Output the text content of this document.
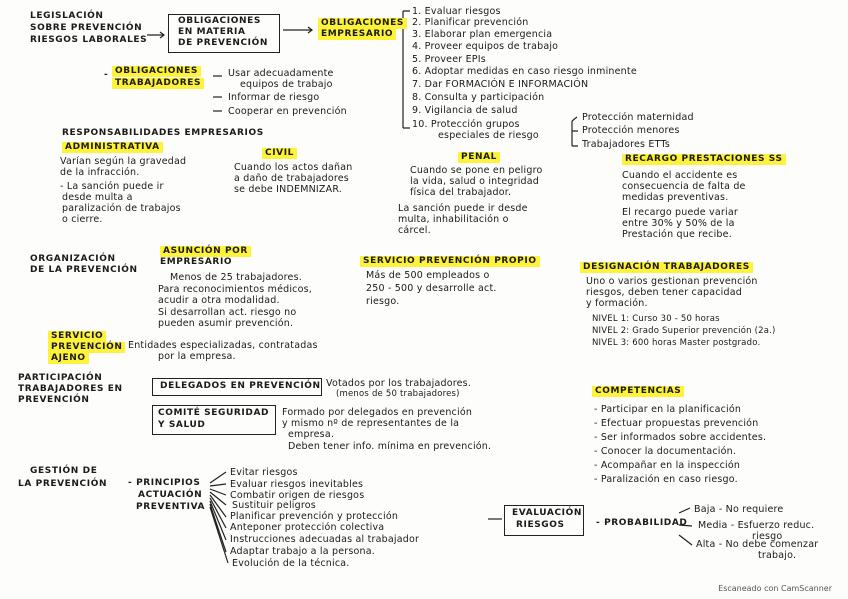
LEGISLACIÓN
SOBRE PREVENCIÓN
RIESGOS LABORALES
OBLIGACIONES
EN MATERIA
DE PREVENCIÓN
OBLIGACIONES
EMPRESARIO
1. Evaluar riesgos
2. Planificar prevención
3. Elaborar plan emergencia
4. Proveer equipos de trabajo
5. Proveer EPIs
6. Adoptar medidas en caso riesgo inminente
7. Dar FORMACIÓN E INFORMACIÓN
8. Consulta y participación
9. Vigilancia de salud
10. Protección grupos
especiales de riesgo
Protección maternidad
Protección menores
Trabajadores ETTs
- OBLIGACIONES
TRABAJADORES
Usar adecuadamente
equipos de trabajo
Informar de riesgo
Cooperar en prevención
RESPONSABILIDADES EMPRESARIOS
ADMINISTRATIVA
Varían según la gravedad
de la infracción.
- La sanción puede ir
desde multa a
paralización de trabajos
o cierre.
CIVIL
Cuando los actos dañan
a daño de trabajadores
se debe INDEMNIZAR.
PENAL
Cuando se pone en peligro
la vida, salud o integridad
física del trabajador.
La sanción puede ir desde
multa, inhabilitación o
cárcel.
RECARGO PRESTACIONES SS
Cuando el accidente es
consecuencia de falta de
medidas preventivas.
El recargo puede variar
entre 30% y 50% de la
Prestación que recibe.
ORGANIZACIÓN
DE LA PREVENCIÓN
ASUNCIÓN POR
EMPRESARIO
Menos de 25 trabajadores.
Para reconocimientos médicos,
acudir a otra modalidad.
Si desarrollan act. riesgo no
pueden asumir prevención.
SERVICIO PREVENCIÓN PROPIO
Más de 500 empleados o
250 - 500 y desarrolle act.
riesgo.
DESIGNACIÓN TRABAJADORES
Uno o varios gestionan prevención
riesgos, deben tener capacidad
y formación.
NIVEL 1: Curso 30 - 50 horas
NIVEL 2: Grado Superior prevención (2a.)
NIVEL 3: 600 horas Master postgrado.
SERVICIO
PREVENCIÓN
AJENO
Entidades especializadas, contratadas
por la empresa.
PARTICIPACIÓN
TRABAJADORES EN
PREVENCIÓN
DELEGADOS EN PREVENCIÓN Votados por los trabajadores.
(menos de 50 trabajadores)
COMITÉ SEGURIDAD
Y SALUD
Formado por delegados en prevención
y mismo nº de representantes de la
empresa.
Deben tener info. mínima en prevención.
COMPETENCIAS
- Participar en la planificación
- Efectuar propuestas prevención
- Ser informados sobre accidentes.
- Conocer la documentación.
- Acompañar en la inspección
- Paralización en caso riesgo.
GESTIÓN DE
LA PREVENCIÓN - PRINCIPIOS
ACTUACIÓN
PREVENTIVA
Evitar riesgos
Evaluar riesgos inevitables
Combatir origen de riesgos
Sustituir peligros
Planificar prevención y protección
Anteponer protección colectiva
Instrucciones adecuadas al trabajador
Adaptar trabajo a la persona.
Evolución de la técnica.
EVALUACIÓN
RIESGOS	- PROBABILIDAD
Baja - No requiere
Media - Esfuerzo reduc.
riesgo
Alta - No debe comenzar
trabajo.
Escaneado con CamScanner
